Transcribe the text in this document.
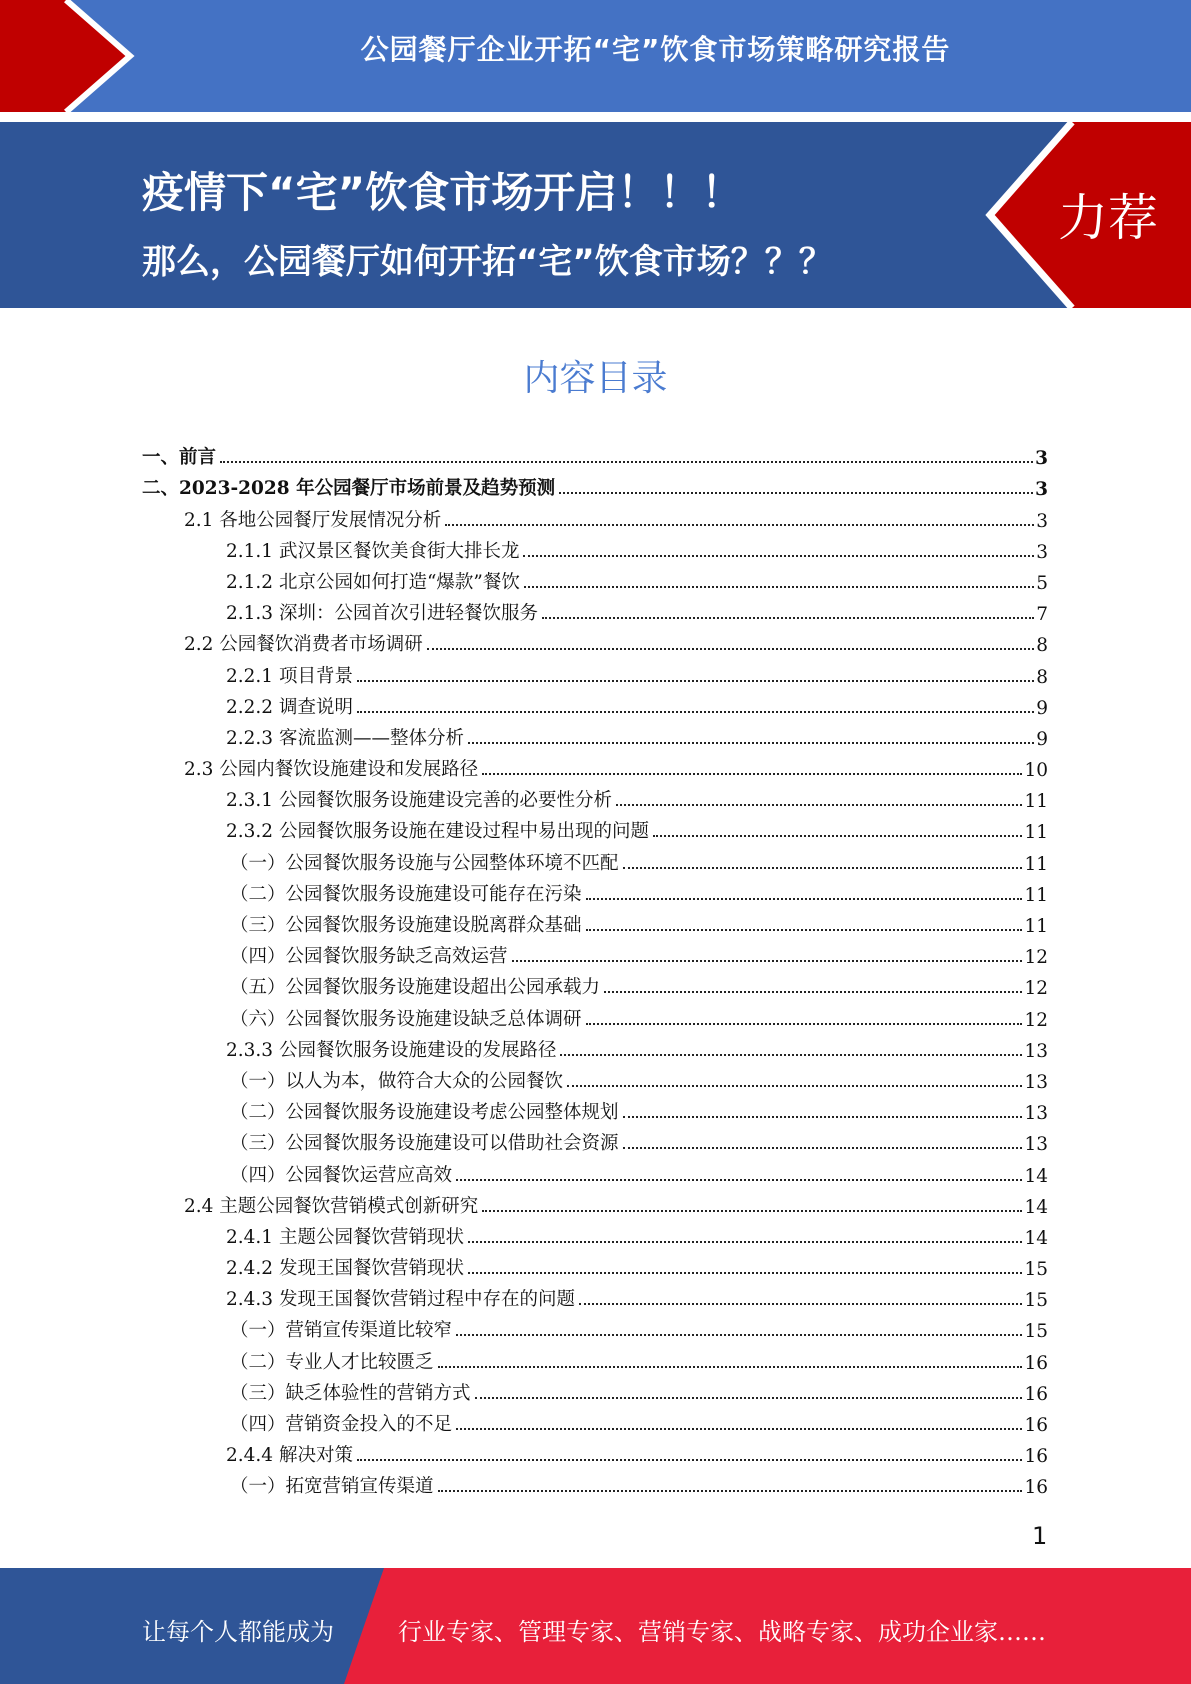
公园餐厅企业开拓“宅”饮食市场策略研究报告
疫情下“宅”饮食市场开启！！！
那么，公园餐厅如何开拓“宅”饮食市场？？？
力荐
内容目录
一、前言	3
二、2023-2028 年公园餐厅市场前景及趋势预测	3
2.1 各地公园餐厅发展情况分析	3
2.1.1 武汉景区餐饮美食街大排长龙	3
2.1.2 北京公园如何打造“爆款”餐饮	5
2.1.3 深圳：公园首次引进轻餐饮服务	7
2.2 公园餐饮消费者市场调研	8
2.2.1 项目背景	8
2.2.2 调查说明	9
2.2.3 客流监测——整体分析	9
2.3 公园内餐饮设施建设和发展路径	10
2.3.1 公园餐饮服务设施建设完善的必要性分析	11
2.3.2 公园餐饮服务设施在建设过程中易出现的问题	11
（一）公园餐饮服务设施与公园整体环境不匹配	11
（二）公园餐饮服务设施建设可能存在污染	11
（三）公园餐饮服务设施建设脱离群众基础	11
（四）公园餐饮服务缺乏高效运营	12
（五）公园餐饮服务设施建设超出公园承载力	12
（六）公园餐饮服务设施建设缺乏总体调研	12
2.3.3 公园餐饮服务设施建设的发展路径	13
（一）以人为本，做符合大众的公园餐饮	13
（二）公园餐饮服务设施建设考虑公园整体规划	13
（三）公园餐饮服务设施建设可以借助社会资源	13
（四）公园餐饮运营应高效	14
2.4 主题公园餐饮营销模式创新研究	14
2.4.1 主题公园餐饮营销现状	14
2.4.2 发现王国餐饮营销现状	15
2.4.3 发现王国餐饮营销过程中存在的问题	15
（一）营销宣传渠道比较窄	15
（二）专业人才比较匮乏	16
（三）缺乏体验性的营销方式	16
（四）营销资金投入的不足	16
2.4.4 解决对策	16
（一）拓宽营销宣传渠道	16
1
让每个人都能成为	行业专家、管理专家、营销专家、战略专家、成功企业家……
